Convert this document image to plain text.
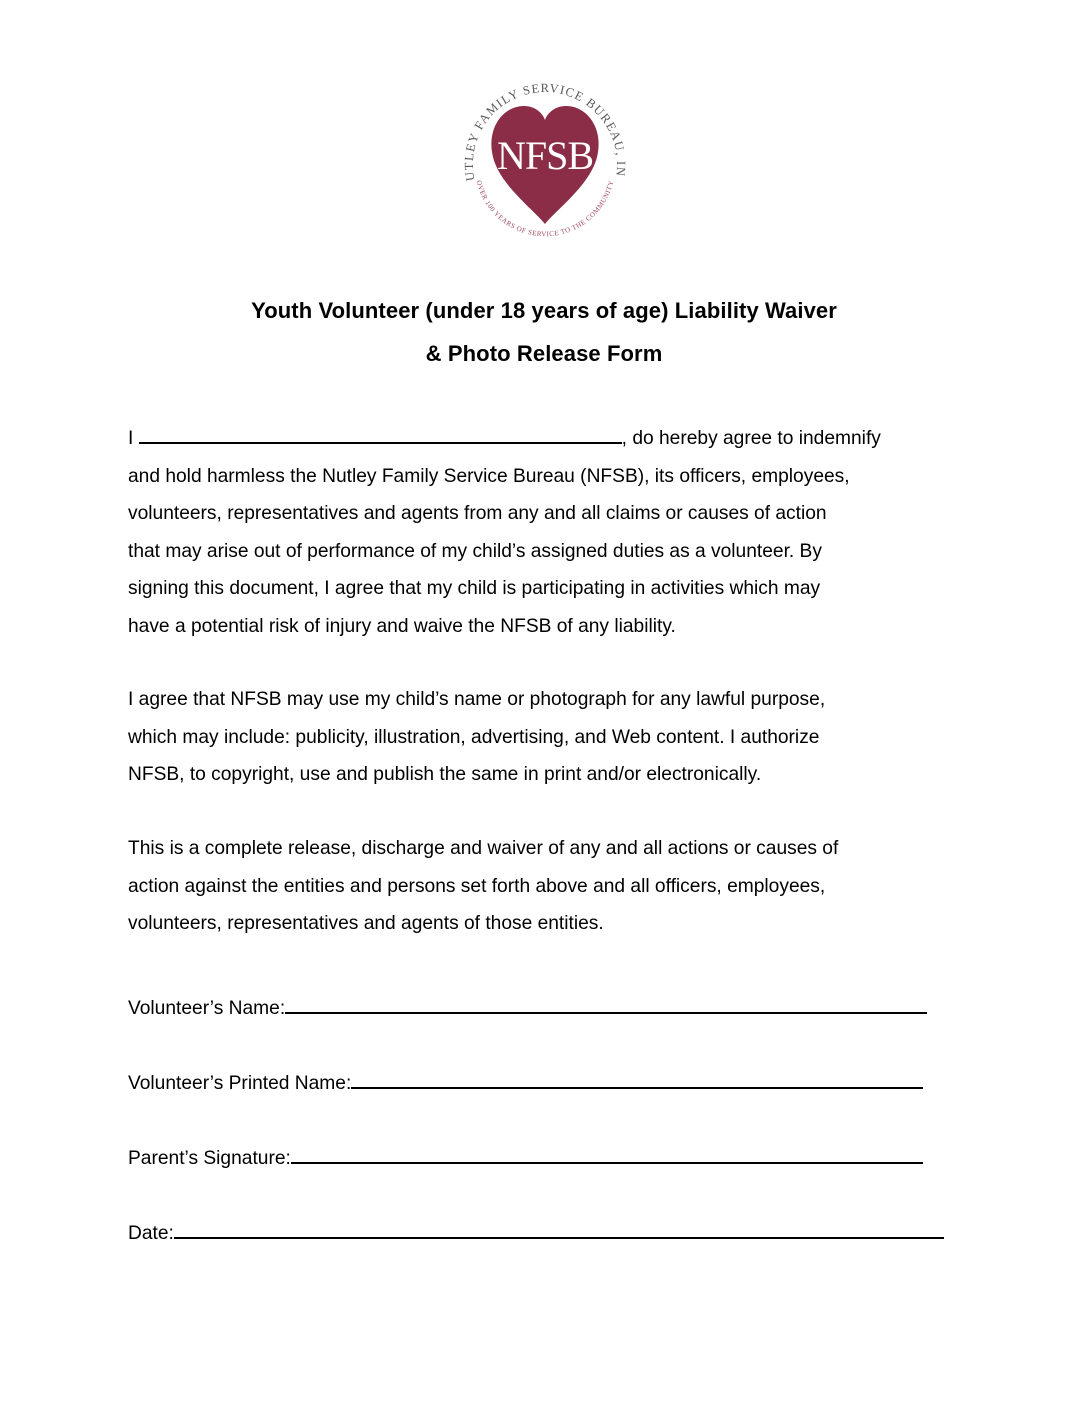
NFSB
UTLEY FAMILY SERVICE BUREAU, IN
OVER 100 YEARS OF SERVICE TO THE COMMUNITY
Youth Volunteer (under 18 years of age) Liability Waiver
& Photo Release Form
I	, do hereby agree to indemnify
and hold harmless the Nutley Family Service Bureau (NFSB), its officers, employees,
volunteers, representatives and agents from any and all claims or causes of action
that may arise out of performance of my child’s assigned duties as a volunteer. By
signing this document, I agree that my child is participating in activities which may
have a potential risk of injury and waive the NFSB of any liability.
I agree that NFSB may use my child’s name or photograph for any lawful purpose,
which may include: publicity, illustration, advertising, and Web content. I authorize
NFSB, to copyright, use and publish the same in print and/or electronically.
This is a complete release, discharge and waiver of any and all actions or causes of
action against the entities and persons set forth above and all officers, employees,
volunteers, representatives and agents of those entities.
Volunteer’s Name:
Volunteer’s Printed Name:
Parent’s Signature:
Date:
